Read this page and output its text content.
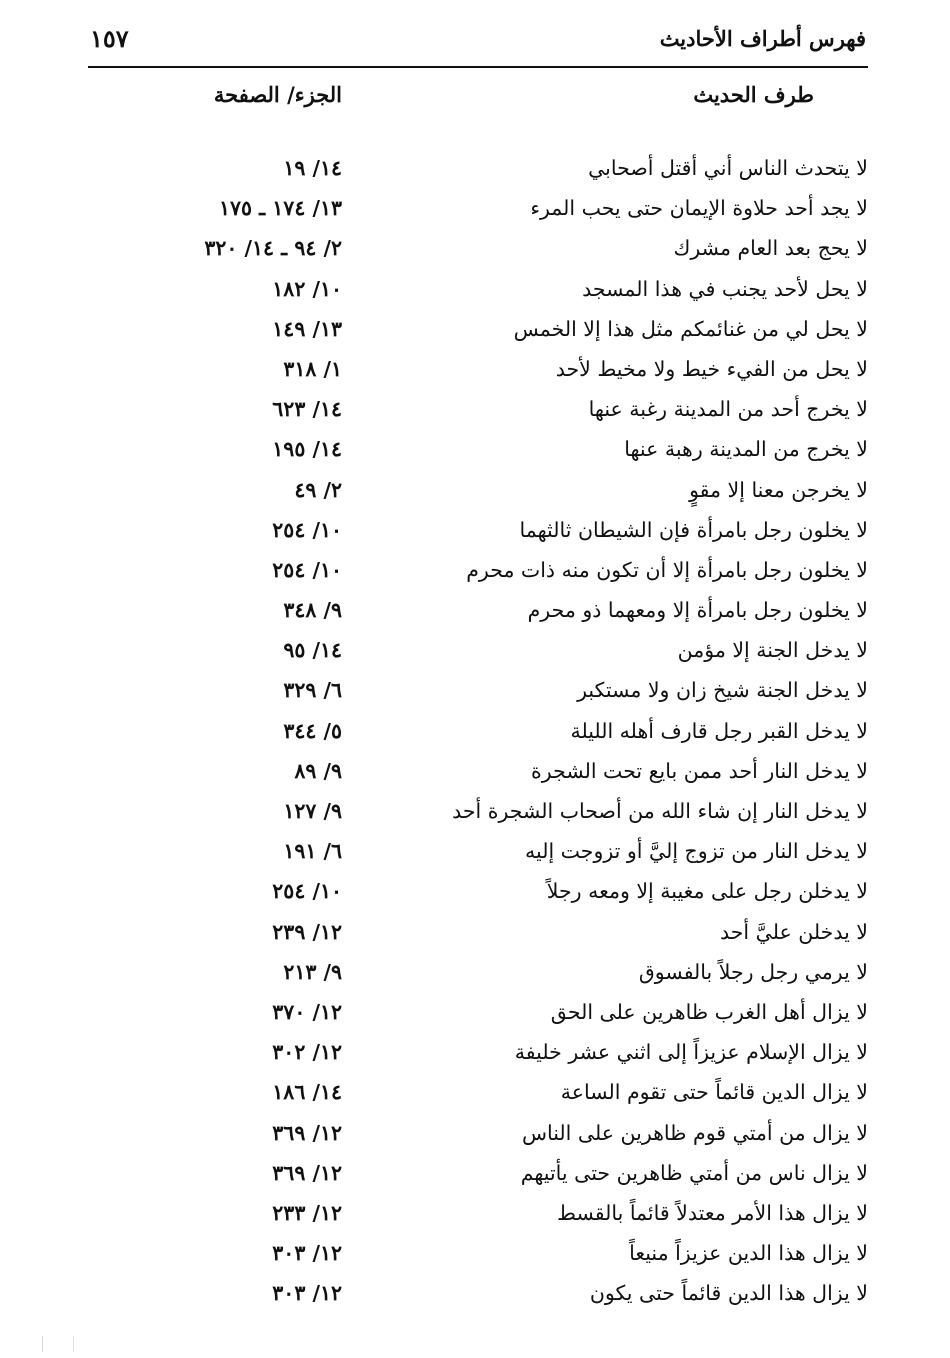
فهرس أطراف الأحاديث
١٥٧
الجزء/ الصفحة	طرف الحديث
لا يتحدث الناس أني أقتل أصحابي
١٤/ ١٩
لا يجد أحد حلاوة الإيمان حتى يحب المرء
١٣/ ١٧٤ ـ ١٧٥
لا يحج بعد العام مشرك
٢/ ٩٤ ـ ١٤/ ٣٢٠
لا يحل لأحد يجنب في هذا المسجد
١٠/ ١٨٢
لا يحل لي من غنائمكم مثل هذا إلا الخمس
١٣/ ١٤٩
لا يحل من الفيء خيط ولا مخيط لأحد
١/ ٣١٨
لا يخرج أحد من المدينة رغبة عنها
١٤/ ٦٢٣
لا يخرج من المدينة رهبة عنها
١٤/ ١٩٥
لا يخرجن معنا إلا مقوٍ
٢/ ٤٩
لا يخلون رجل بامرأة فإن الشيطان ثالثهما
١٠/ ٢٥٤
لا يخلون رجل بامرأة إلا أن تكون منه ذات محرم
١٠/ ٢٥٤
لا يخلون رجل بامرأة إلا ومعهما ذو محرم
٩/ ٣٤٨
لا يدخل الجنة إلا مؤمن
١٤/ ٩٥
لا يدخل الجنة شيخ زان ولا مستكبر
٦/ ٣٢٩
لا يدخل القبر رجل قارف أهله الليلة
٥/ ٣٤٤
لا يدخل النار أحد ممن بايع تحت الشجرة
٩/ ٨٩
لا يدخل النار إن شاء الله من أصحاب الشجرة أحد
٩/ ١٢٧
لا يدخل النار من تزوج إليَّ أو تزوجت إليه
٦/ ١٩١
لا يدخلن رجل على مغيبة إلا ومعه رجلاً
١٠/ ٢٥٤
لا يدخلن عليَّ أحد
١٢/ ٢٣٩
لا يرمي رجل رجلاً بالفسوق
٩/ ٢١٣
لا يزال أهل الغرب ظاهرين على الحق
١٢/ ٣٧٠
لا يزال الإسلام عزيزاً إلى اثني عشر خليفة
١٢/ ٣٠٢
لا يزال الدين قائماً حتى تقوم الساعة
١٤/ ١٨٦
لا يزال من أمتي قوم ظاهرين على الناس
١٢/ ٣٦٩
لا يزال ناس من أمتي ظاهرين حتى يأتيهم
١٢/ ٣٦٩
لا يزال هذا الأمر معتدلاً قائماً بالقسط
١٢/ ٢٣٣
لا يزال هذا الدين عزيزاً منيعاً
١٢/ ٣٠٣
لا يزال هذا الدين قائماً حتى يكون
١٢/ ٣٠٣
